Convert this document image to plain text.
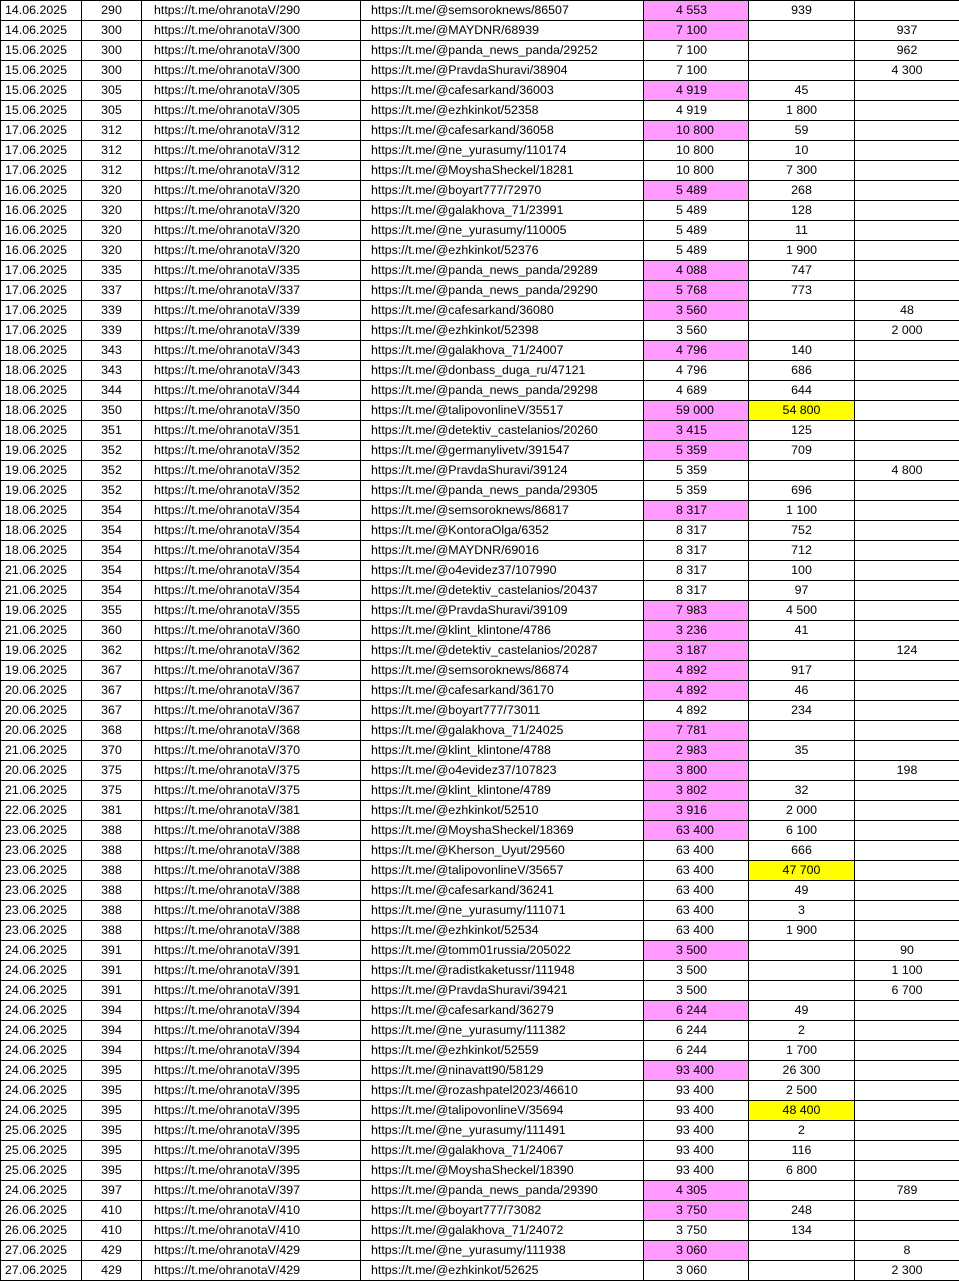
14.06.2025	290	https://t.me/ohranotaV/290	https://t.me/@semsoroknews/86507	4 553	939	
14.06.2025	300	https://t.me/ohranotaV/300	https://t.me/@MAYDNR/68939	7 100		937
15.06.2025	300	https://t.me/ohranotaV/300	https://t.me/@panda_news_panda/29252	7 100		962
15.06.2025	300	https://t.me/ohranotaV/300	https://t.me/@PravdaShuravi/38904	7 100		4 300
15.06.2025	305	https://t.me/ohranotaV/305	https://t.me/@cafesarkand/36003	4 919	45	
15.06.2025	305	https://t.me/ohranotaV/305	https://t.me/@ezhkinkot/52358	4 919	1 800	
17.06.2025	312	https://t.me/ohranotaV/312	https://t.me/@cafesarkand/36058	10 800	59	
17.06.2025	312	https://t.me/ohranotaV/312	https://t.me/@ne_yurasumy/110174	10 800	10	
17.06.2025	312	https://t.me/ohranotaV/312	https://t.me/@MoyshaSheckel/18281	10 800	7 300	
16.06.2025	320	https://t.me/ohranotaV/320	https://t.me/@boyart777/72970	5 489	268	
16.06.2025	320	https://t.me/ohranotaV/320	https://t.me/@galakhova_71/23991	5 489	128	
16.06.2025	320	https://t.me/ohranotaV/320	https://t.me/@ne_yurasumy/110005	5 489	11	
16.06.2025	320	https://t.me/ohranotaV/320	https://t.me/@ezhkinkot/52376	5 489	1 900	
17.06.2025	335	https://t.me/ohranotaV/335	https://t.me/@panda_news_panda/29289	4 088	747	
17.06.2025	337	https://t.me/ohranotaV/337	https://t.me/@panda_news_panda/29290	5 768	773	
17.06.2025	339	https://t.me/ohranotaV/339	https://t.me/@cafesarkand/36080	3 560		48
17.06.2025	339	https://t.me/ohranotaV/339	https://t.me/@ezhkinkot/52398	3 560		2 000
18.06.2025	343	https://t.me/ohranotaV/343	https://t.me/@galakhova_71/24007	4 796	140	
18.06.2025	343	https://t.me/ohranotaV/343	https://t.me/@donbass_duga_ru/47121	4 796	686	
18.06.2025	344	https://t.me/ohranotaV/344	https://t.me/@panda_news_panda/29298	4 689	644	
18.06.2025	350	https://t.me/ohranotaV/350	https://t.me/@talipovonlineV/35517	59 000	54 800	
18.06.2025	351	https://t.me/ohranotaV/351	https://t.me/@detektiv_castelanios/20260	3 415	125	
19.06.2025	352	https://t.me/ohranotaV/352	https://t.me/@germanylivetv/391547	5 359	709	
19.06.2025	352	https://t.me/ohranotaV/352	https://t.me/@PravdaShuravi/39124	5 359		4 800
19.06.2025	352	https://t.me/ohranotaV/352	https://t.me/@panda_news_panda/29305	5 359	696	
18.06.2025	354	https://t.me/ohranotaV/354	https://t.me/@semsoroknews/86817	8 317	1 100	
18.06.2025	354	https://t.me/ohranotaV/354	https://t.me/@KontoraOlga/6352	8 317	752	
18.06.2025	354	https://t.me/ohranotaV/354	https://t.me/@MAYDNR/69016	8 317	712	
21.06.2025	354	https://t.me/ohranotaV/354	https://t.me/@o4evidez37/107990	8 317	100	
21.06.2025	354	https://t.me/ohranotaV/354	https://t.me/@detektiv_castelanios/20437	8 317	97	
19.06.2025	355	https://t.me/ohranotaV/355	https://t.me/@PravdaShuravi/39109	7 983	4 500	
21.06.2025	360	https://t.me/ohranotaV/360	https://t.me/@klint_klintone/4786	3 236	41	
19.06.2025	362	https://t.me/ohranotaV/362	https://t.me/@detektiv_castelanios/20287	3 187		124
19.06.2025	367	https://t.me/ohranotaV/367	https://t.me/@semsoroknews/86874	4 892	917	
20.06.2025	367	https://t.me/ohranotaV/367	https://t.me/@cafesarkand/36170	4 892	46	
20.06.2025	367	https://t.me/ohranotaV/367	https://t.me/@boyart777/73011	4 892	234	
20.06.2025	368	https://t.me/ohranotaV/368	https://t.me/@galakhova_71/24025	7 781		
21.06.2025	370	https://t.me/ohranotaV/370	https://t.me/@klint_klintone/4788	2 983	35	
20.06.2025	375	https://t.me/ohranotaV/375	https://t.me/@o4evidez37/107823	3 800		198
21.06.2025	375	https://t.me/ohranotaV/375	https://t.me/@klint_klintone/4789	3 802	32	
22.06.2025	381	https://t.me/ohranotaV/381	https://t.me/@ezhkinkot/52510	3 916	2 000	
23.06.2025	388	https://t.me/ohranotaV/388	https://t.me/@MoyshaSheckel/18369	63 400	6 100	
23.06.2025	388	https://t.me/ohranotaV/388	https://t.me/@Kherson_Uyut/29560	63 400	666	
23.06.2025	388	https://t.me/ohranotaV/388	https://t.me/@talipovonlineV/35657	63 400	47 700	
23.06.2025	388	https://t.me/ohranotaV/388	https://t.me/@cafesarkand/36241	63 400	49	
23.06.2025	388	https://t.me/ohranotaV/388	https://t.me/@ne_yurasumy/111071	63 400	3	
23.06.2025	388	https://t.me/ohranotaV/388	https://t.me/@ezhkinkot/52534	63 400	1 900	
24.06.2025	391	https://t.me/ohranotaV/391	https://t.me/@tomm01russia/205022	3 500		90
24.06.2025	391	https://t.me/ohranotaV/391	https://t.me/@radistkaketussr/111948	3 500		1 100
24.06.2025	391	https://t.me/ohranotaV/391	https://t.me/@PravdaShuravi/39421	3 500		6 700
24.06.2025	394	https://t.me/ohranotaV/394	https://t.me/@cafesarkand/36279	6 244	49	
24.06.2025	394	https://t.me/ohranotaV/394	https://t.me/@ne_yurasumy/111382	6 244	2	
24.06.2025	394	https://t.me/ohranotaV/394	https://t.me/@ezhkinkot/52559	6 244	1 700	
24.06.2025	395	https://t.me/ohranotaV/395	https://t.me/@ninavatt90/58129	93 400	26 300	
24.06.2025	395	https://t.me/ohranotaV/395	https://t.me/@rozashpatel2023/46610	93 400	2 500	
24.06.2025	395	https://t.me/ohranotaV/395	https://t.me/@talipovonlineV/35694	93 400	48 400	
25.06.2025	395	https://t.me/ohranotaV/395	https://t.me/@ne_yurasumy/111491	93 400	2	
25.06.2025	395	https://t.me/ohranotaV/395	https://t.me/@galakhova_71/24067	93 400	116	
25.06.2025	395	https://t.me/ohranotaV/395	https://t.me/@MoyshaSheckel/18390	93 400	6 800	
24.06.2025	397	https://t.me/ohranotaV/397	https://t.me/@panda_news_panda/29390	4 305		789
26.06.2025	410	https://t.me/ohranotaV/410	https://t.me/@boyart777/73082	3 750	248	
26.06.2025	410	https://t.me/ohranotaV/410	https://t.me/@galakhova_71/24072	3 750	134	
27.06.2025	429	https://t.me/ohranotaV/429	https://t.me/@ne_yurasumy/111938	3 060		8
27.06.2025	429	https://t.me/ohranotaV/429	https://t.me/@ezhkinkot/52625	3 060		2 300
